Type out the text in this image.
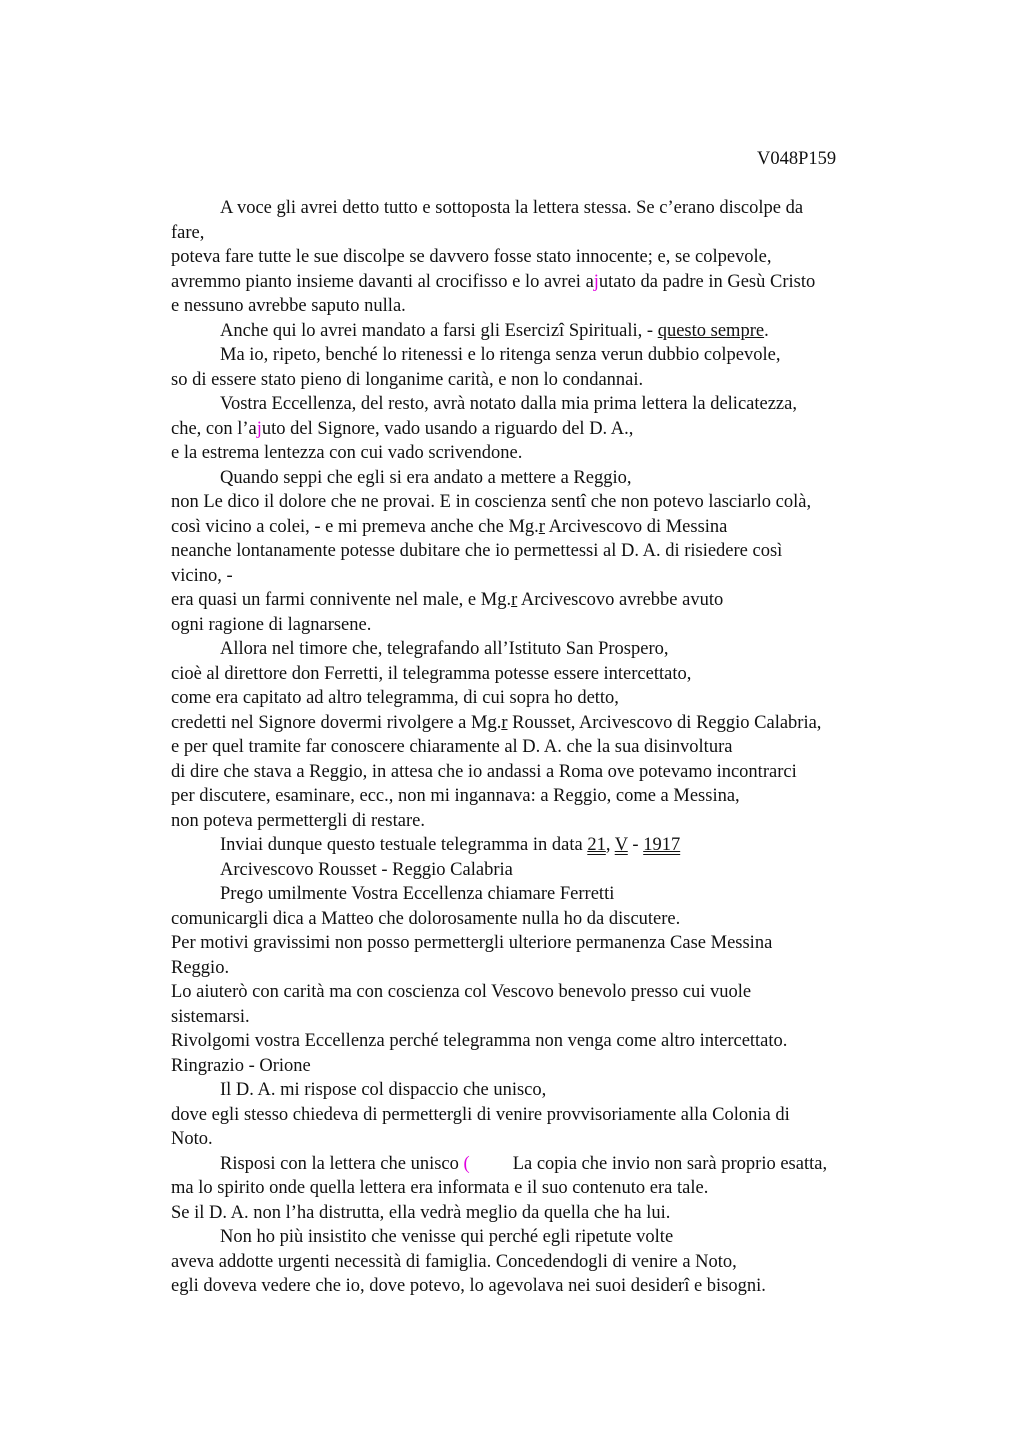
V048P159
A voce gli avrei detto tutto e sottoposta la lettera stessa. Se c’erano discolpe da
fare,
poteva fare tutte le sue discolpe se davvero fosse stato innocente; e, se colpevole,
avremmo pianto insieme davanti al crocifisso e lo avrei ajutato da padre in Gesù Cristo
e nessuno avrebbe saputo nulla.
Anche qui lo avrei mandato a farsi gli Esercizi Spirituali, - questo sempre.
Ma io, ripeto, benché lo ritenessi e lo ritenga senza verun dubbio colpevole,
so di essere stato pieno di longanime carità, e non lo condannai.
Vostra Eccellenza, del resto, avrà notato dalla mia prima lettera la delicatezza,
che, con l’ajuto del Signore, vado usando a riguardo del D. A.,
e la estrema lentezza con cui vado scrivendone.
Quando seppi che egli si era andato a mettere a Reggio,
non Le dico il dolore che ne provai. E in coscienza senti che non potevo lasciarlo colà,
così vicino a colei, - e mi premeva anche che Mg.r Arcivescovo di Messina
neanche lontanamente potesse dubitare che io permettessi al D. A. di risiedere così
vicino, -
era quasi un farmi connivente nel male, e Mg.r Arcivescovo avrebbe avuto
ogni ragione di lagnarsene.
Allora nel timore che, telegrafando all’Istituto San Prospero,
cioè al direttore don Ferretti, il telegramma potesse essere intercettato,
come era capitato ad altro telegramma, di cui sopra ho detto,
credetti nel Signore dovermi rivolgere a Mg.r Rousset, Arcivescovo di Reggio Calabria,
e per quel tramite far conoscere chiaramente al D. A. che la sua disinvoltura
di dire che stava a Reggio, in attesa che io andassi a Roma ove potevamo incontrarci
per discutere, esaminare, ecc., non mi ingannava: a Reggio, come a Messina,
non poteva permettergli di restare.
Inviai dunque questo testuale telegramma in data 21, V - 1917
Arcivescovo Rousset - Reggio Calabria
Prego umilmente Vostra Eccellenza chiamare Ferretti
comunicargli dica a Matteo che dolorosamente nulla ho da discutere.
Per motivi gravissimi non posso permettergli ulteriore permanenza Case Messina
Reggio.
Lo aiuterò con carità ma con coscienza col Vescovo benevolo presso cui vuole
sistemarsi.
Rivolgomi vostra Eccellenza perché telegramma non venga come altro intercettato.
Ringrazio - Orione
Il D. A. mi rispose col dispaccio che unisco,
dove egli stesso chiedeva di permettergli di venire provvisoriamente alla Colonia di
Noto.
Risposi con la lettera che unisco ( La copia che invio non sarà proprio esatta,
ma lo spirito onde quella lettera era informata e il suo contenuto era tale.
Se il D. A. non l’ha distrutta, ella vedrà meglio da quella che ha lui.
Non ho più insistito che venisse qui perché egli ripetute volte
aveva addotte urgenti necessità di famiglia. Concedendogli di venire a Noto,
egli doveva vedere che io, dove potevo, lo agevolava nei suoi desideri e bisogni.
